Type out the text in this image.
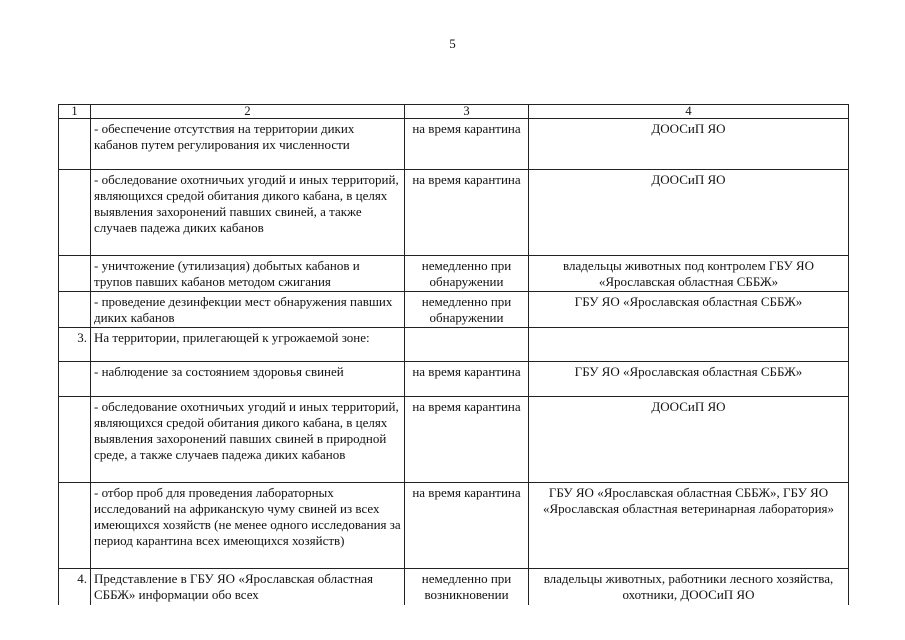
5
1	2	3	4
	- обеспечение отсутствия на территории диких кабанов путем регулирования их численности	на время карантина	ДООСиП ЯО
	- обследование охотничьих угодий и иных территорий, являющихся средой обитания дикого кабана, в целях выявления захоронений павших свиней, а также случаев падежа диких кабанов	на время карантина	ДООСиП ЯО
	- уничтожение (утилизация) добытых кабанов и трупов павших кабанов методом сжигания	немедленно при обнаружении	владельцы животных под контролем ГБУ ЯО «Ярославская областная СББЖ»
	- проведение дезинфекции мест обнаружения павших диких кабанов	немедленно при обнаружении	ГБУ ЯО «Ярославская областная СББЖ»
3.	На территории, прилегающей к угрожаемой зоне:		
	- наблюдение за состоянием здоровья свиней	на время карантина	ГБУ ЯО «Ярославская областная СББЖ»
	- обследование охотничьих угодий и иных территорий, являющихся средой обитания дикого кабана, в целях выявления захоронений павших свиней в природной среде, а также случаев падежа диких кабанов	на время карантина	ДООСиП ЯО
	- отбор проб для проведения лабораторных исследований на африканскую чуму свиней из всех имеющихся хозяйств (не менее одного исследования за период карантина всех имеющихся хозяйств)	на время карантина	ГБУ ЯО «Ярославская областная СББЖ», ГБУ ЯО «Ярославская областная ветеринарная лаборатория»
4.	Представление в ГБУ ЯО «Ярославская областная СББЖ» информации обо всех	немедленно при возникновении	владельцы животных, работники лесного хозяйства, охотники, ДООСиП ЯО
